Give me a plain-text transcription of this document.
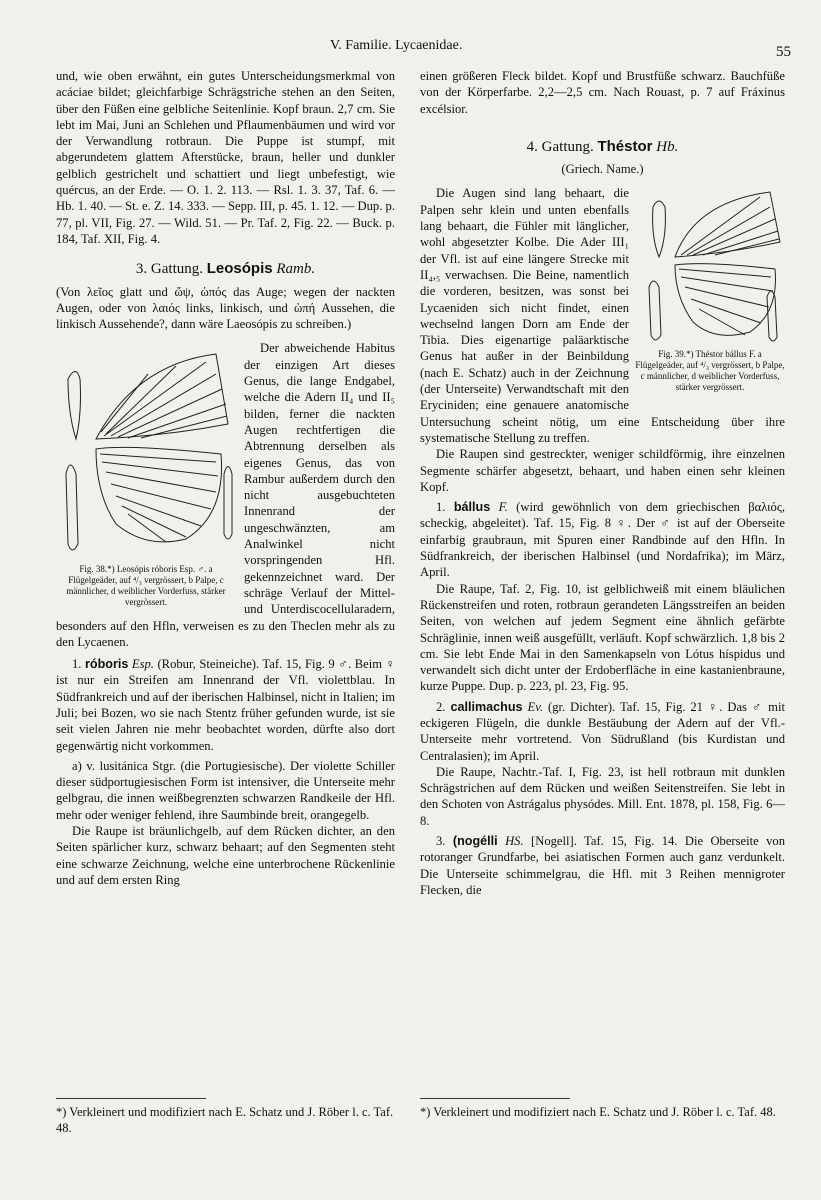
V. Familie. Lycaenidae.	55

und, wie oben erwähnt, ein gutes Unterscheidungsmerkmal von acáciae bildet; gleichfarbige Schrägstriche stehen an den Seiten, über den Füßen eine gelbliche Seitenlinie. Kopf braun. 2,7 cm. Sie lebt im Mai, Juni an Schlehen und Pflaumenbäumen und wird vor der Verwandlung rotbraun. Die Puppe ist stumpf, mit abgerundetem glattem Afterstücke, braun, heller und dunkler gelblich gestrichelt und schattiert und liegt unbefestigt, wie quércus, an der Erde. — O. 1. 2. 113. — Rsl. 1. 3. 37, Taf. 6. — Hb. 1. 40. — St. e. Z. 14. 333. — Sepp. III, p. 45. 1. 12. — Dup. p. 77, pl. VII, Fig. 27. — Wild. 51. — Pr. Taf. 2, Fig. 22. — Buck. p. 184, Taf. XII, Fig. 4.

3. Gattung. Leosópis Ramb.

(Von λεῖος glatt und ὤψ, ὠπός das Auge; wegen der nackten Augen, oder von λαιός links, linkisch, und ὠπή Aussehen, die linkisch Aussehende?, dann wäre Laeosópis zu schreiben.)

Fig. 38.*) Leosópis róboris Esp. ♂. a Flügelgeäder, auf ⁴/₃ vergrössert, b Palpe, c männlicher, d weiblicher Vorderfuss, stärker vergrössert.

Der abweichende Habitus der einzigen Art dieses Genus, die lange Endgabel, welche die Adern II₄ und II₅ bilden, ferner die nackten Augen rechtfertigen die Abtrennung derselben als eigenes Genus, das von Rambur außerdem durch den nicht ausgebuchteten Innenrand der ungeschwänzten, am Analwinkel nicht vorspringenden Hfl. gekennzeichnet ward. Der schräge Verlauf der Mittel- und Unterdiscocellularadern, besonders auf den Hfln, verweisen es zu den Theclen mehr als zu den Lycaenen.

1. róboris Esp. (Robur, Steineiche). Taf. 15, Fig. 9 ♂. Beim ♀ ist nur ein Streifen am Innenrand der Vfl. violettblau. In Südfrankreich und auf der iberischen Halbinsel, nicht in Italien; im Juli; bei Bozen, wo sie nach Stentz früher gefunden wurde, ist sie seit vielen Jahren nie mehr beobachtet worden, dürfte also dort gegenwärtig nicht vorkommen.

a) v. lusitánica Stgr. (die Portugiesische). Der violette Schiller dieser südportugiesischen Form ist intensiver, die Unterseite mehr gelbgrau, die innen weißbegrenzten schwarzen Randkeile der Hfl. mehr oder weniger fehlend, ihre Saumbinde breit, orangegelb.

Die Raupe ist bräunlichgelb, auf dem Rücken dichter, an den Seiten spärlicher kurz, schwarz behaart; auf den Segmenten steht eine schwarze Zeichnung, welche eine unterbrochene Rückenlinie und auf dem ersten Ring

einen größeren Fleck bildet. Kopf und Brustfüße schwarz. Bauchfüße von der Körperfarbe. 2,2—2,5 cm. Nach Rouast, p. 7 auf Fráxinus excélsior.

4. Gattung. Théstor Hb.

(Griech. Name.)

Fig. 39.*) Théstor bállus F. a Flügelgeäder, auf ⁴/₃ vergrössert, b Palpe, c männlicher, d weiblicher Vorderfuss, stärker vergrössert.

Die Augen sind lang behaart, die Palpen sehr klein und unten ebenfalls lang behaart, die Fühler mit länglicher, wohl abgesetzter Kolbe. Die Ader III₁ der Vfl. ist auf eine längere Strecke mit II₄,₅ verwachsen. Die Beine, namentlich die vorderen, besitzen, was sonst bei Lycaeniden sich nicht findet, einen wechselnd langen Dorn am Ende der Tibia. Dies eigenartige paläarktische Genus hat außer in der Beinbildung (nach E. Schatz) auch in der Zeichnung (der Unterseite) Verwandtschaft mit den Eryciniden; eine genauere anatomische Untersuchung scheint nötig, um eine Entscheidung über ihre systematische Stellung zu treffen.

Die Raupen sind gestreckter, weniger schildförmig, ihre einzelnen Segmente schärfer abgesetzt, behaart, und haben einen sehr kleinen Kopf.

1. bállus F. (wird gewöhnlich von dem griechischen βαλιός, scheckig, abgeleitet). Taf. 15, Fig. 8 ♀. Der ♂ ist auf der Oberseite einfarbig graubraun, mit Spuren einer Randbinde auf den Hfln. In Südfrankreich, der iberischen Halbinsel (und Nordafrika); im März, April.

Die Raupe, Taf. 2, Fig. 10, ist gelblichweiß mit einem bläulichen Rückenstreifen und roten, rotbraun gerandeten Längsstreifen an beiden Seiten, von welchen auf jedem Segment eine ähnlich gefärbte Schräglinie, innen weiß ausgefüllt, verläuft. Kopf schwärzlich. 1,8 bis 2 cm. Sie lebt Ende Mai in den Samenkapseln von Lótus híspidus und verwandelt sich dicht unter der Erdoberfläche in eine kastanienbraune, kurze Puppe. Dup. p. 223, pl. 23, Fig. 95.

2. callimachus Ev. (gr. Dichter). Taf. 15, Fig. 21 ♀. Das ♂ mit eckigeren Flügeln, die dunkle Bestäubung der Adern auf der Vfl.-Unterseite mehr vortretend. Von Südrußland (bis Kurdistan und Centralasien); im April.

Die Raupe, Nachtr.-Taf. I, Fig. 23, ist hell rotbraun mit dunklen Schrägstrichen auf dem Rücken und weißen Seitenstreifen. Sie lebt in den Schoten von Astrágalus physódes. Mill. Ent. 1878, pl. 158, Fig. 6—8.

3. (nogélli HS. [Nogell]. Taf. 15, Fig. 14. Die Oberseite von rotoranger Grundfarbe, bei asiatischen Formen auch ganz verdunkelt. Die Unterseite schimmelgrau, die Hfl. mit 3 Reihen mennigroter Flecken, die

*) Verkleinert und modifiziert nach E. Schatz und J. Röber l. c. Taf. 48.
*) Verkleinert und modifiziert nach E. Schatz und J. Röber l. c. Taf. 48.
